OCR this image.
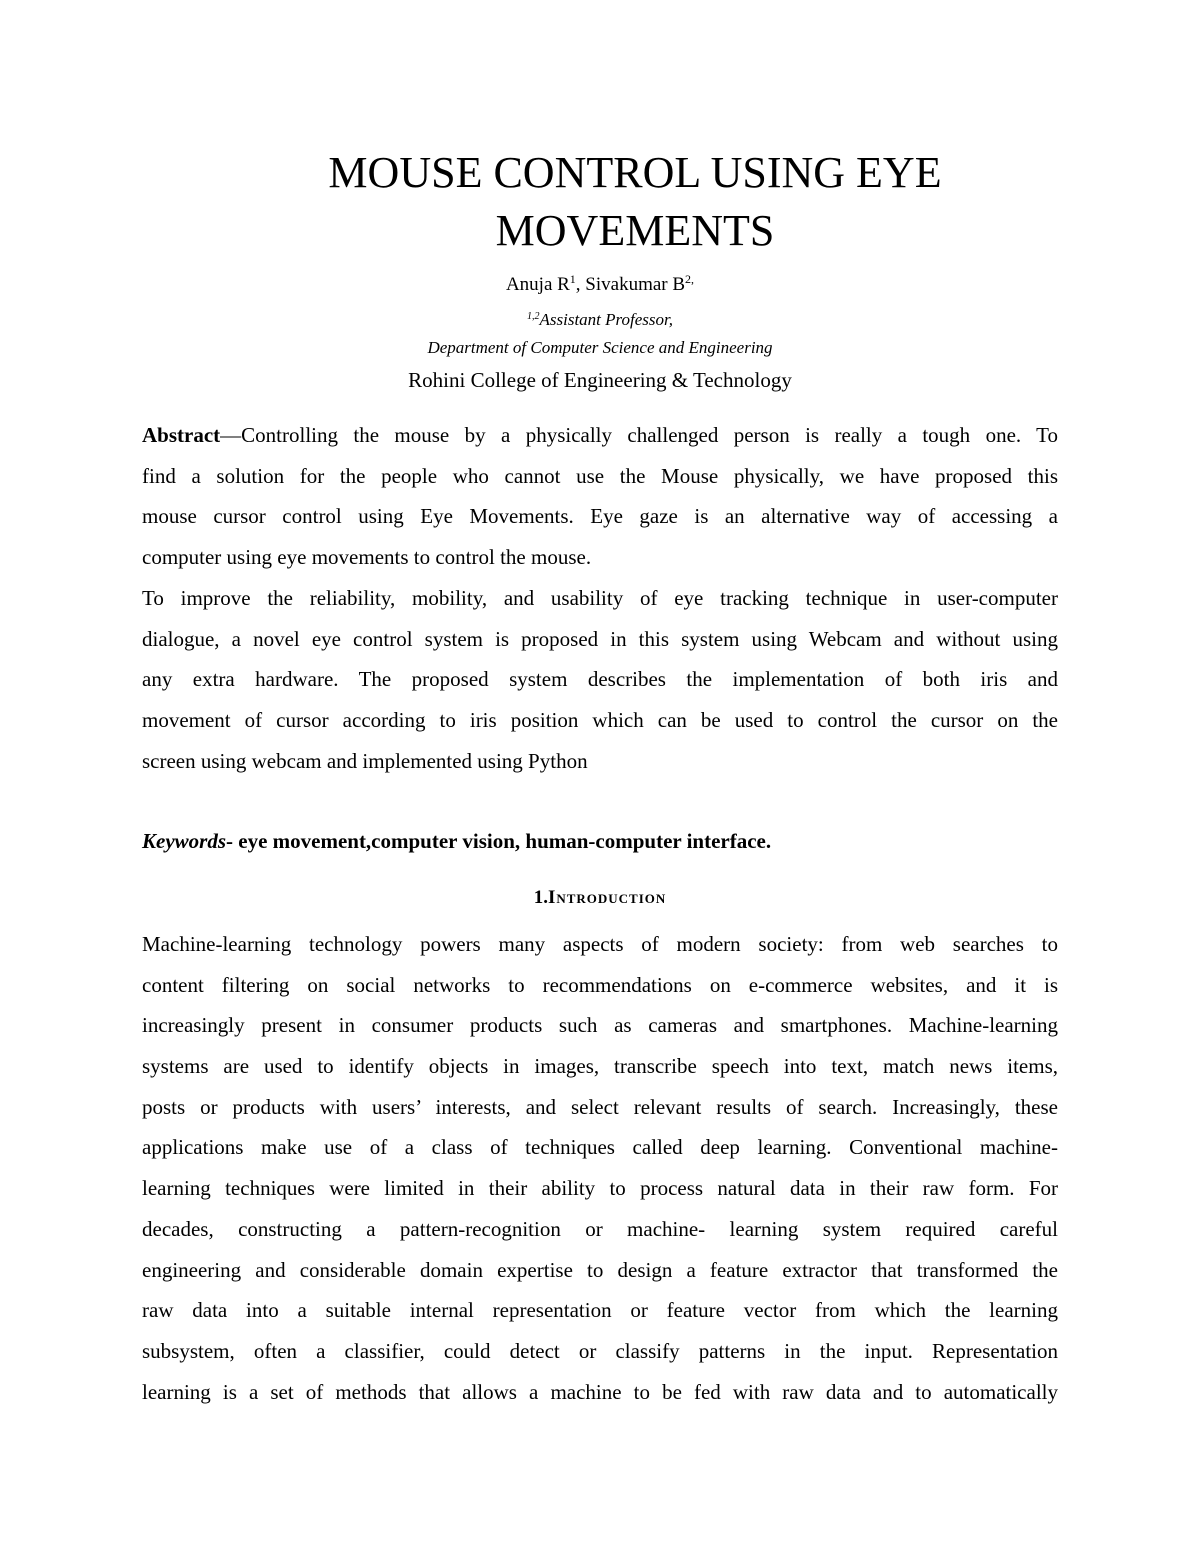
MOUSE CONTROL USING EYE
MOVEMENTS
Anuja $R^1$, Sivakumar $B^{2,}$
$^{1,2}$Assistant Professor,
Department of Computer Science and Engineering
Rohini College of Engineering & Technology
Abstract—Controlling the mouse by a physically challenged person is really a tough one. To
find a solution for the people who cannot use the Mouse physically, we have proposed this
mouse cursor control using Eye Movements. Eye gaze is an alternative way of accessing a
computer using eye movements to control the mouse.
To improve the reliability, mobility, and usability of eye tracking technique in user-computer
dialogue, a novel eye control system is proposed in this system using Webcam and without using
any extra hardware. The proposed system describes the implementation of both iris and
movement of cursor according to iris position which can be used to control the cursor on the
screen using webcam and implemented using Python
Keywords- eye movement,computer vision, human-computer interface.
1.Introduction
Machine-learning technology powers many aspects of modern society: from web searches to
content filtering on social networks to recommendations on e-commerce websites, and it is
increasingly present in consumer products such as cameras and smartphones. Machine-learning
systems are used to identify objects in images, transcribe speech into text, match news items,
posts or products with users’ interests, and select relevant results of search. Increasingly, these
applications make use of a class of techniques called deep learning. Conventional machine-
learning techniques were limited in their ability to process natural data in their raw form. For
decades, constructing a pattern-recognition or machine- learning system required careful
engineering and considerable domain expertise to design a feature extractor that transformed the
raw data into a suitable internal representation or feature vector from which the learning
subsystem, often a classifier, could detect or classify patterns in the input. Representation
learning is a set of methods that allows a machine to be fed with raw data and to automatically
